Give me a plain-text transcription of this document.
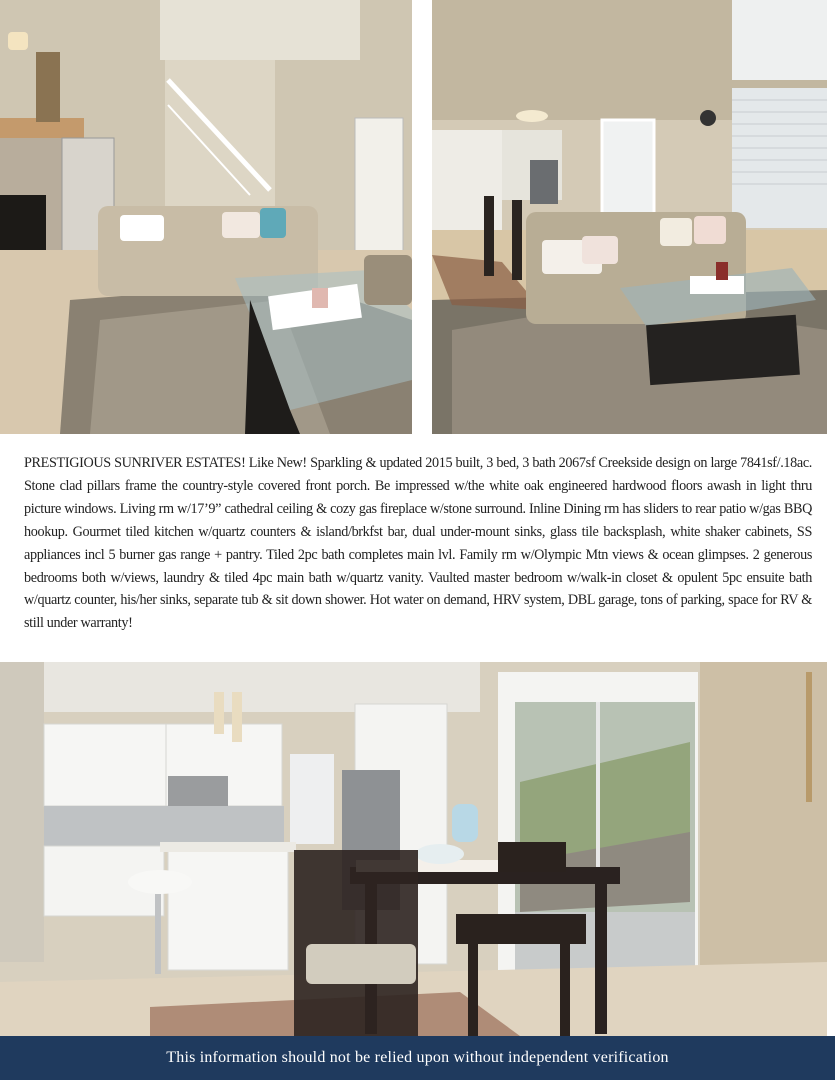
PRESTIGIOUS SUNRIVER ESTATES! Like New! Sparkling & updated 2015 built, 3 bed, 3 bath 2067sf Creekside design on large 7841sf/.18ac. Stone clad pillars frame the country-style covered front porch. Be impressed w/the white oak engineered hardwood floors awash in light thru picture windows. Living rm w/17’9” cathedral ceiling & cozy gas fireplace w/stone surround. Inline Dining rm has sliders to rear patio w/gas BBQ hookup. Gourmet tiled kitchen w/quartz counters & island/brkfst bar, dual under-mount sinks, glass tile backsplash, white shaker cabinets, SS appliances incl 5 burner gas range + pantry. Tiled 2pc bath completes main lvl. Family rm w/Olympic Mtn views & ocean glimpses. 2 generous bedrooms both w/views, laundry & tiled 4pc main bath w/quartz vanity. Vaulted master bedroom w/walk-in closet & opulent 5pc ensuite bath w/quartz counter, his/her sinks, separate tub & sit down shower. Hot water on demand, HRV system, DBL garage, tons of parking, space for RV & still under warranty!

This information should not be relied upon without independent verification
